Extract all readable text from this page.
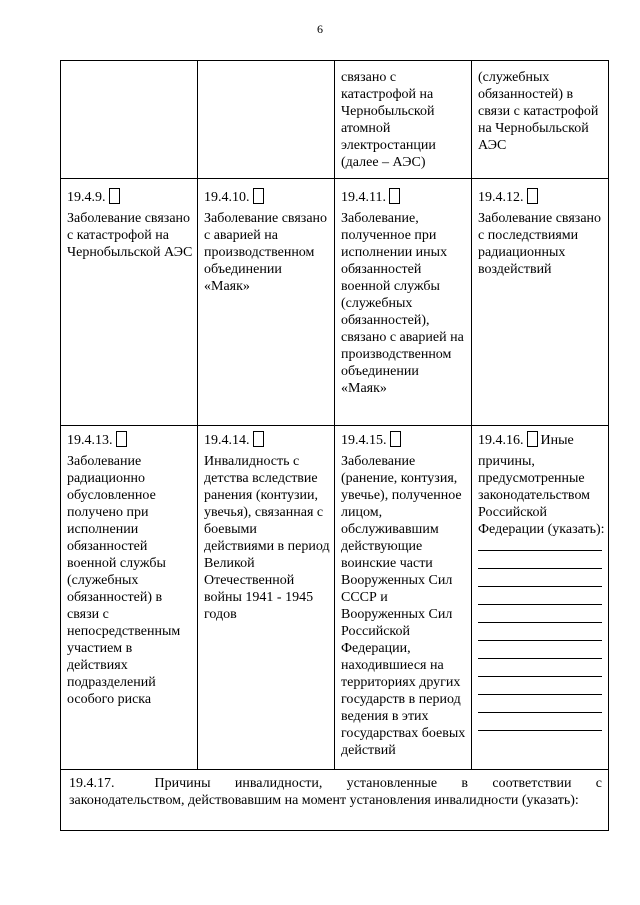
6
связано с катастрофой на Чернобыльской атомной электростанции (далее – АЭС)
(служебных обязанностей) в связи с катастрофой на Чернобыльской АЭС
19.4.9.
Заболевание связано с катастрофой на Чернобыльской АЭС
19.4.10.
Заболевание связано с аварией на производственном объединении «Маяк»
19.4.11.
Заболевание, полученное при исполнении иных обязанностей военной службы (служебных обязанностей), связано с аварией на производственном объединении «Маяк»
19.4.12.
Заболевание связано с последствиями радиационных воздействий
19.4.13.
Заболевание радиационно обусловленное получено при исполнении обязанностей военной службы (служебных обязанностей) в связи с непосредственным участием в действиях подразделений особого риска
19.4.14.
Инвалидность с детства вследствие ранения (контузии, увечья), связанная с боевыми действиями в период Великой Отечественной войны 1941 - 1945 годов
19.4.15.
Заболевание (ранение, контузия, увечье), полученное лицом, обслуживавшим действующие воинские части Вооруженных Сил СССР и Вооруженных Сил Российской Федерации, находившиеся на территориях других государств в период ведения в этих государствах боевых действий
19.4.16. Иные
причины, предусмотренные законодательством Российской Федерации (указать):
19.4.17.	Причины инвалидности, установленные в соответствии с законодательством, действовавшим на момент установления инвалидности (указать):
